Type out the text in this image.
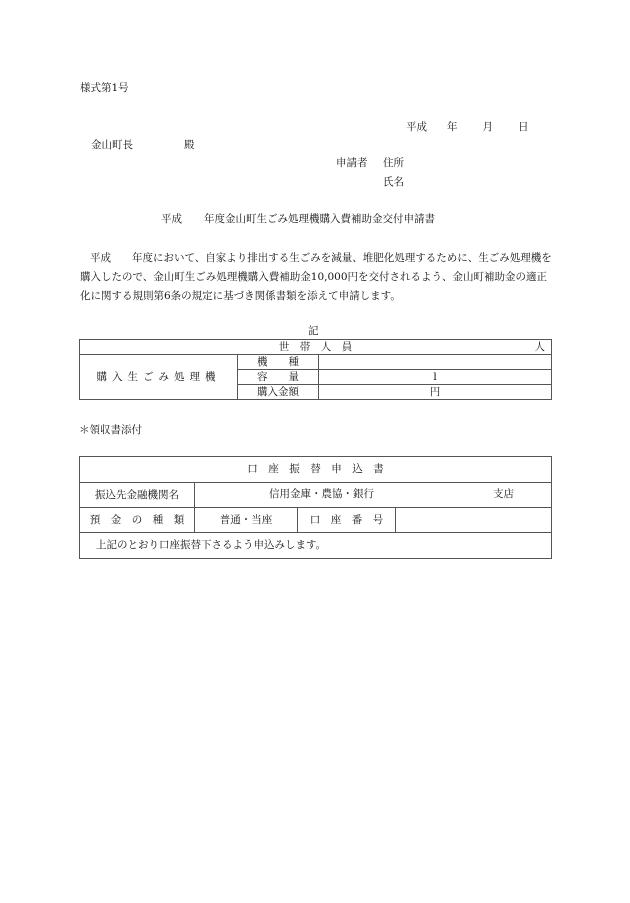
様式第1号
平成 年 月 日
金山町長	殿
申請者 住所
氏名
平成 年度金山町生ごみ処理機購入費補助金交付申請書
平成　　年度において、自家より排出する生ごみを減量、堆肥化処理するために、生ごみ処理機を購入したので、金山町生ごみ処理機購入費補助金10,000円を交付されるよう、金山町補助金の適正化に関する規則第6条の規定に基づき関係書類を添えて申請します。
記
世　帯　人　員 人		

購入生ごみ処理機	機　　種	
	容　　量	l
	購入金額	円
＊領収書添付
口　座　振　替　申　込　書			
振込先金融機関名	信用金庫・農協・銀行 支店		

預　金　の　種　類	普通・当座	口　座　番　号	
上記のとおり口座振替下さるよう申込みします。			
